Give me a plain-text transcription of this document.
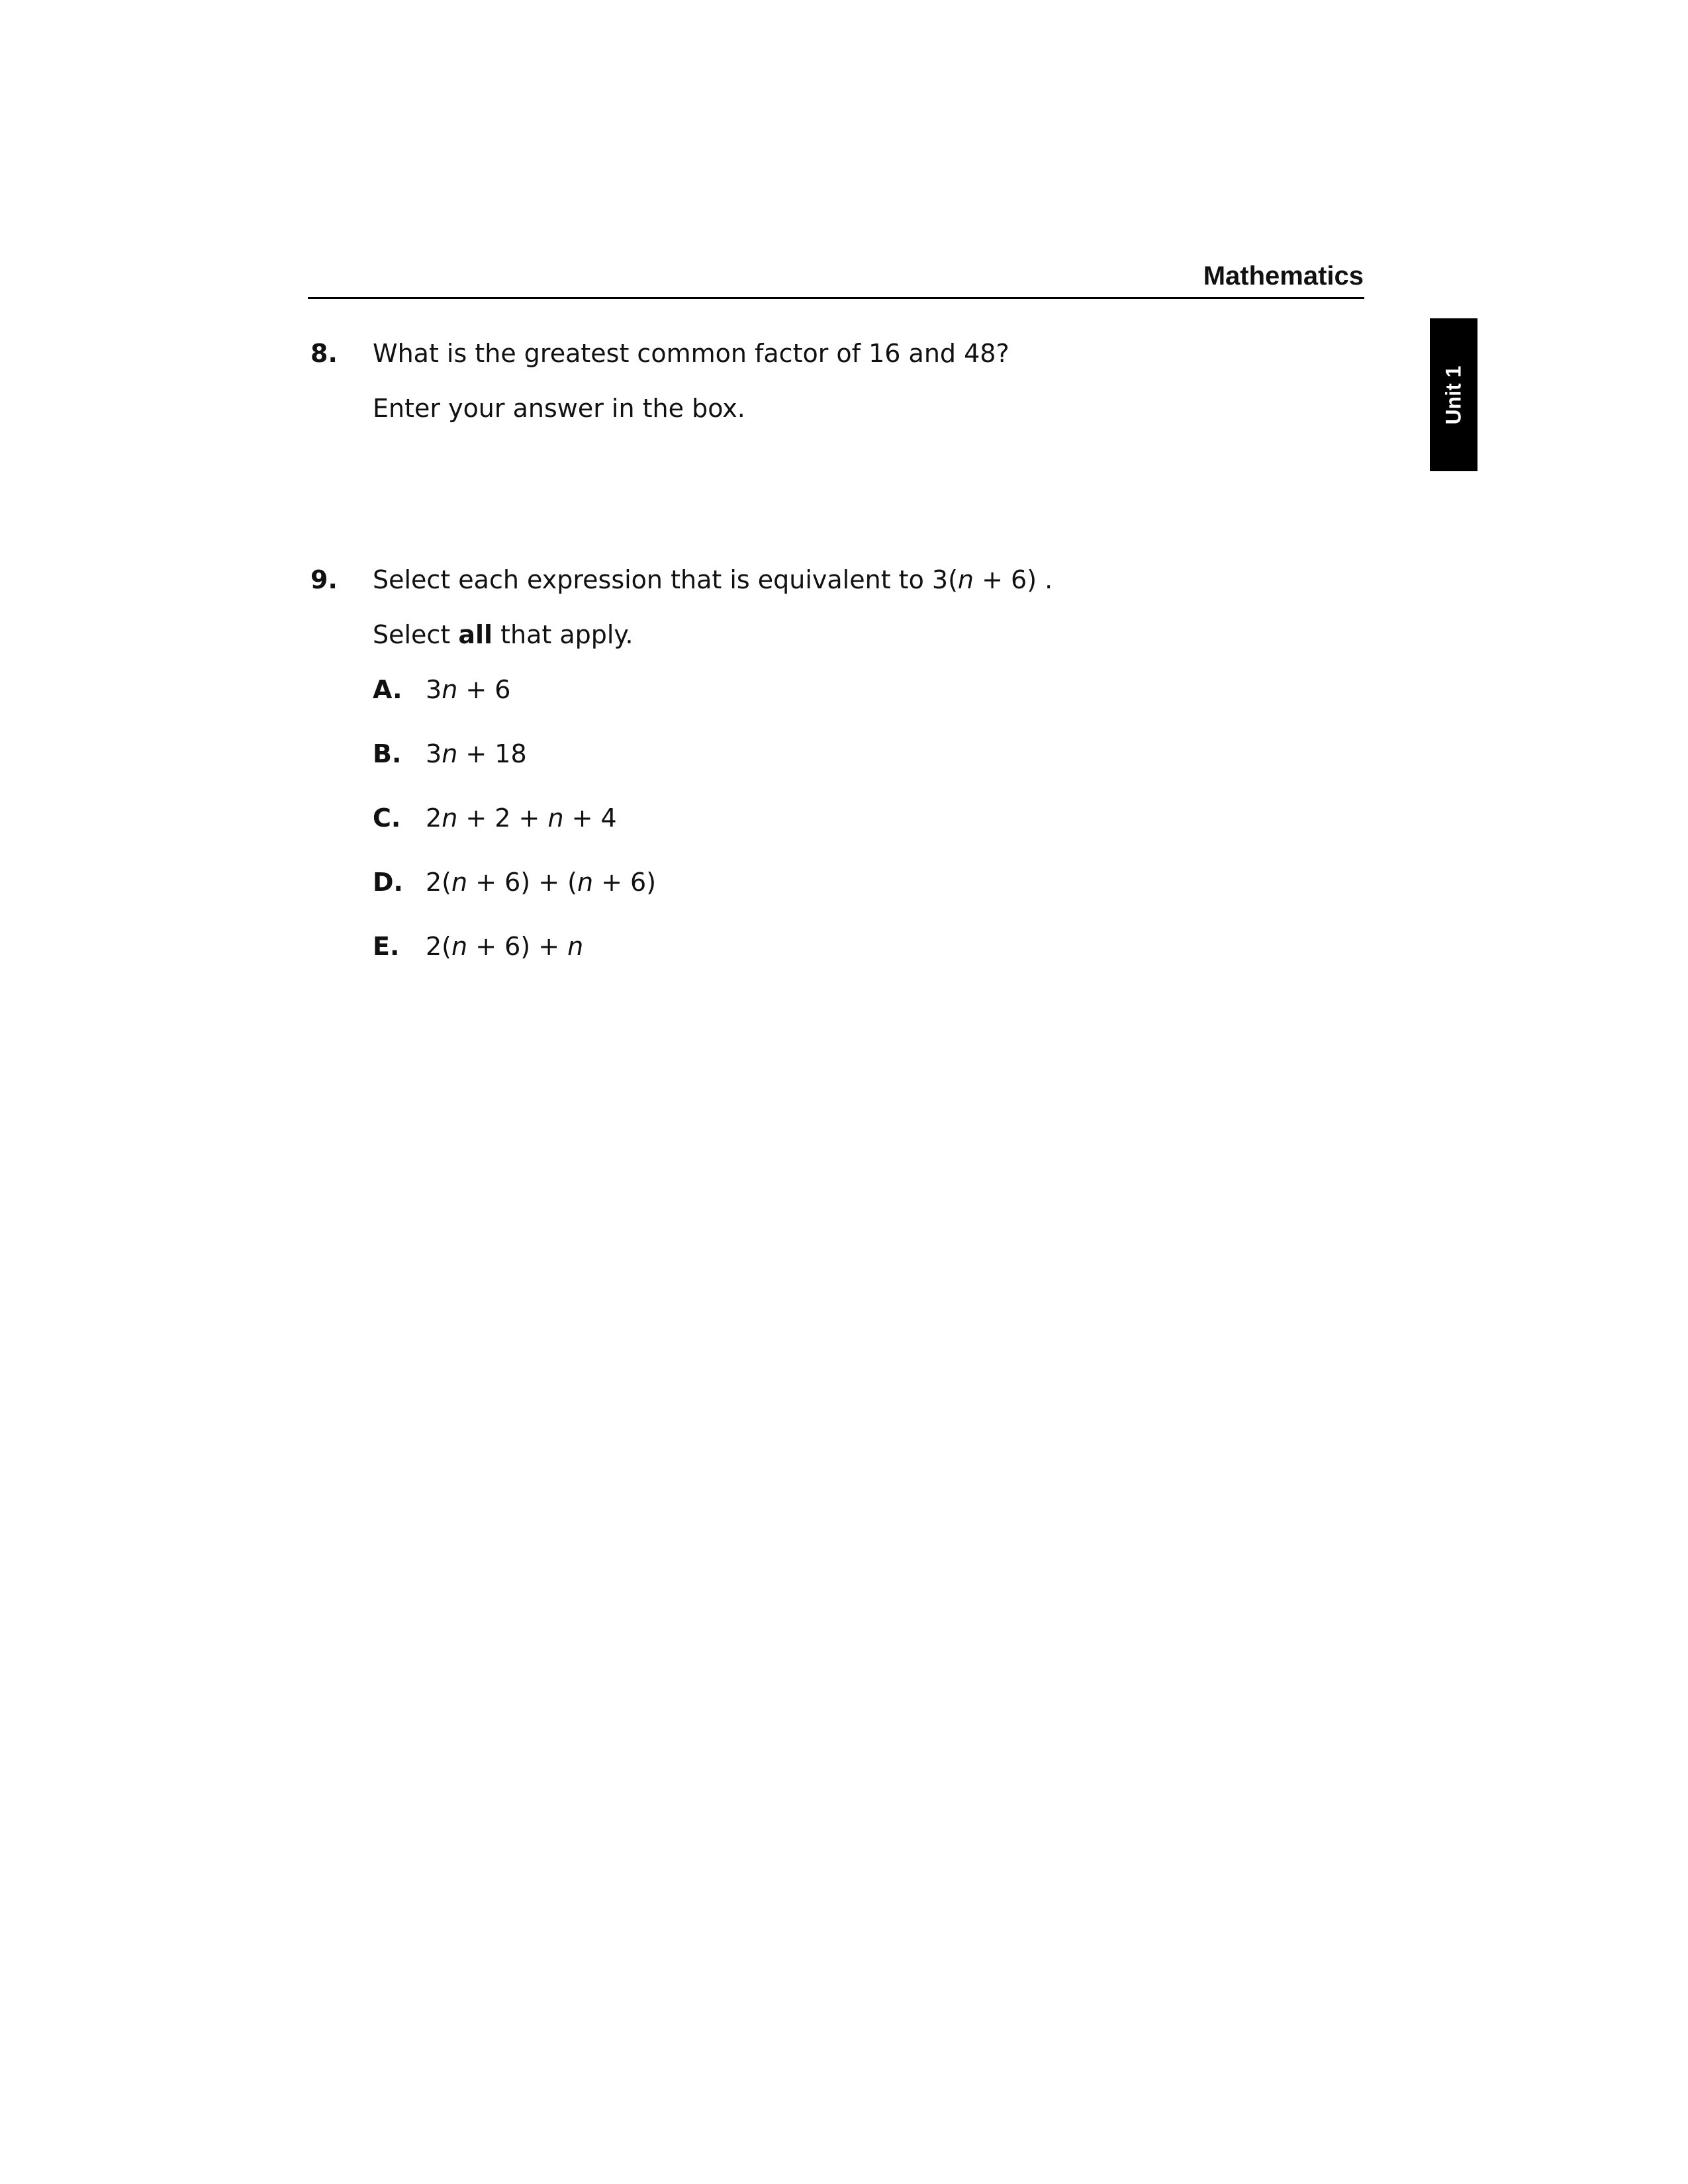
Mathematics
Unit 1
8. What is the greatest common factor of 16 and 48?
Enter your answer in the box.
9. Select each expression that is equivalent to 3(n + 6) .
Select all that apply.
A. 3n + 6
B. 3n + 18
C. 2n + 2 + n + 4
D. 2(n + 6) + (n + 6)
E. 2(n + 6) + n
